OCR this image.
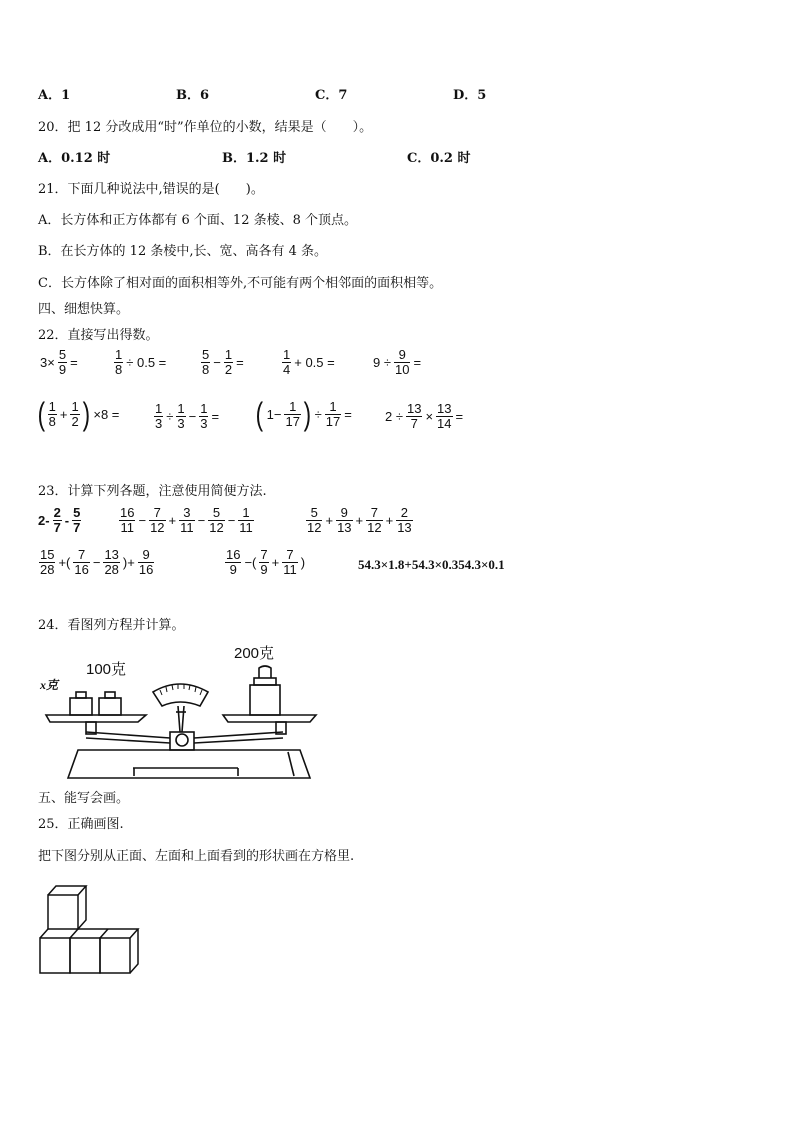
A．1	B．6	C．7	D．5
20．把 12 分改成用“时”作单位的小数，结果是（　　）。
A．0.12 时	B．1.2 时	C．0.2 时
21．下面几种说法中,错误的是(　　)。
A．长方体和正方体都有 6 个面、12 条棱、8 个顶点。
B．在长方体的 12 条棱中,长、宽、高各有 4 条。
C．长方体除了相对面的面积相等外,不可能有两个相邻面的面积相等。
四、细想快算。
22．直接写出得数。
$3\times \frac{5}{9}$ =	$\frac{1}{8} \div 0.5$ =	$\frac{5}{8} - \frac{1}{2}$ =	$\frac{1}{4} + 0.5$ =	$9 \div \frac{9}{10}$ =
( $\frac{1}{8} + \frac{1}{2}$ ) ×8 =	$\frac{1}{3} \div \frac{1}{3} - \frac{1}{3}$ = ( $1- \frac{1}{17}$ ) ÷ $\frac{1}{17}$ =	$2 \div \frac{13}{7} \times \frac{13}{14}$ =
23．计算下列各题，注意使用简便方法.
$2- \frac{2}{7} - \frac{5}{7}$	$\frac{16}{11} - \frac{7}{12} + \frac{3}{11} - \frac{5}{12} - \frac{1}{11}$	$\frac{5}{12} + \frac{9}{13} + \frac{7}{12} + \frac{2}{13}$
$\frac{15}{28}$ +( $\frac{7}{16} - \frac{13}{28}$ )+ $\frac{9}{16}$	$\frac{16}{9}$ −( $\frac{7}{9} + \frac{7}{11}$ )	54.3×1.8+54.3×0.354.3×0.1
24．看图列方程并计算。
x克
100克
200克
五、能写会画。
25．正确画图.
把下图分别从正面、左面和上面看到的形状画在方格里.
